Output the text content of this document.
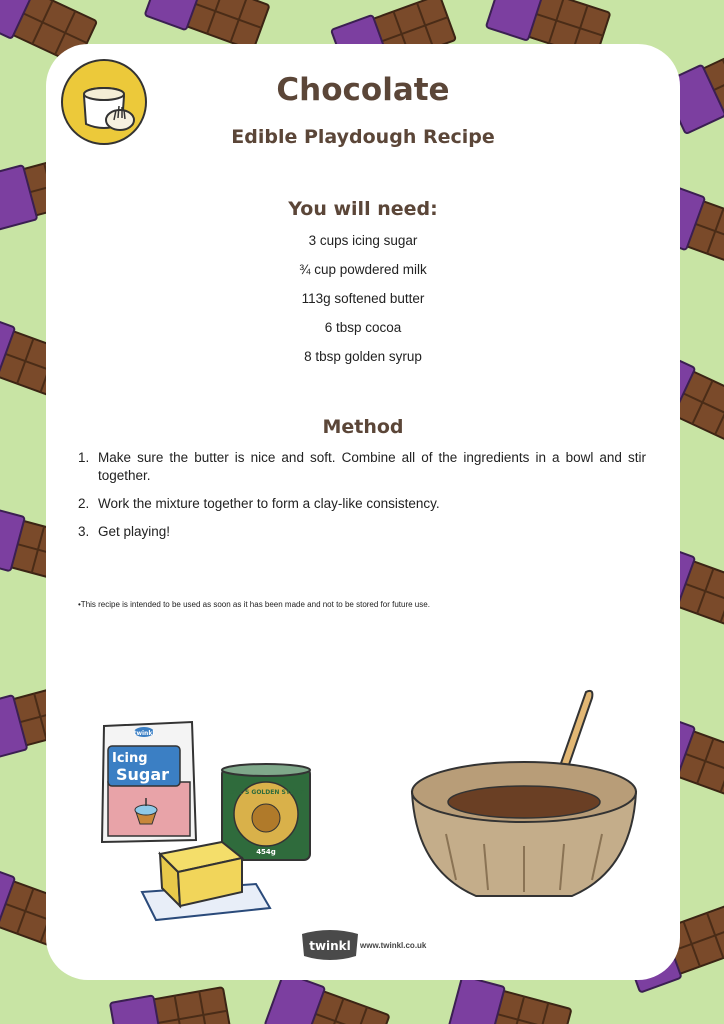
Chocolate
Edible Playdough Recipe
You will need:
3 cups icing sugar
¾ cup powdered milk
113g softened butter
6 tbsp cocoa
8 tbsp golden syrup
Method
1. Make sure the butter is nice and soft. Combine all of the ingredients in a bowl and stir together.
2. Work the mixture together to form a clay-like consistency.
3. Get playing!

•This recipe is intended to be used as soon as it has been made and not to be stored for future use.

twinkl
Icing
Sugar
LYLE'S GOLDEN SYRUP
454g
twinkl www.twinkl.co.uk
